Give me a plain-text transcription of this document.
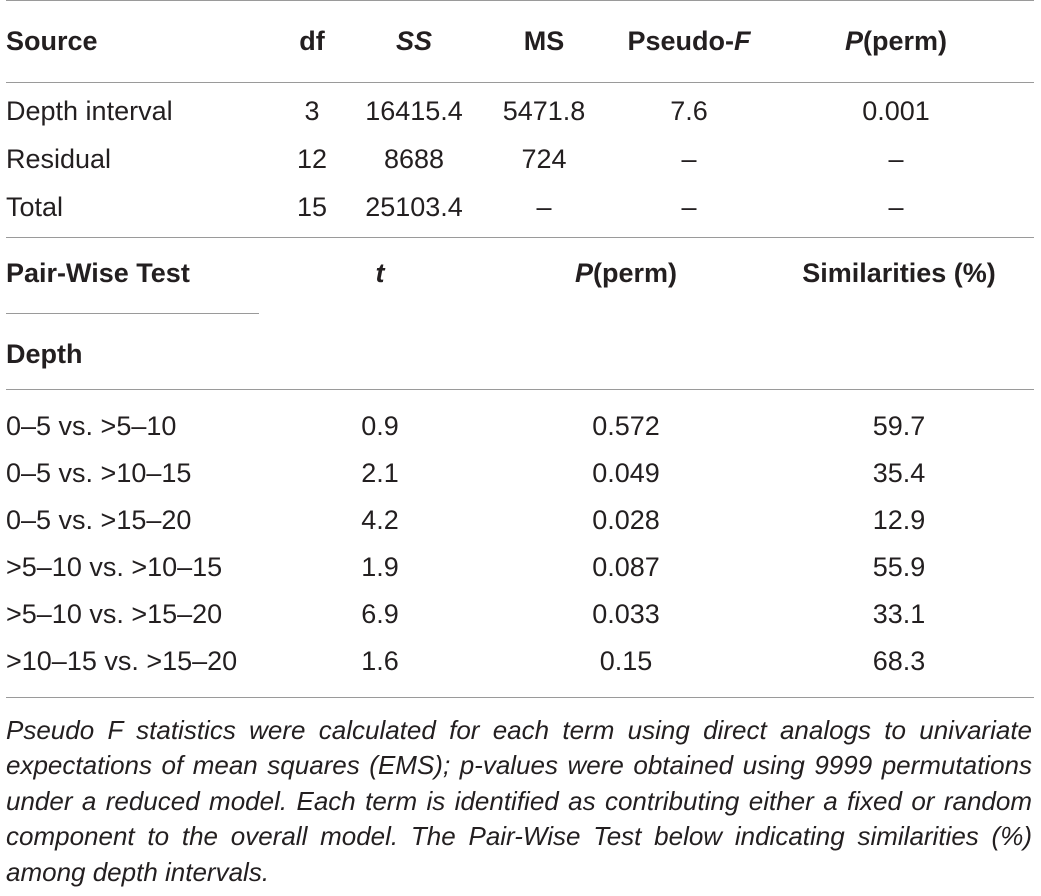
Source	df	SS	MS	Pseudo-F	P(perm)
Depth interval	3	16415.4	5471.8	7.6	0.001
Residual	12	8688	724	–	–
Total	15	25103.4	–	–	–
Pair-Wise Test	t	P(perm)	Similarities (%)
Depth
0–5 vs. >5–10	0.9	0.572	59.7
0–5 vs. >10–15	2.1	0.049	35.4
0–5 vs. >15–20	4.2	0.028	12.9
>5–10 vs. >10–15	1.9	0.087	55.9
>5–10 vs. >15–20	6.9	0.033	33.1
>10–15 vs. >15–20	1.6	0.15	68.3
Pseudo F statistics were calculated for each term using direct analogs to univariate expectations of mean squares (EMS); p-values were obtained using 9999 permutations under a reduced model. Each term is identified as contributing either a fixed or random component to the overall model. The Pair-Wise Test below indicating similarities (%) among depth intervals.
